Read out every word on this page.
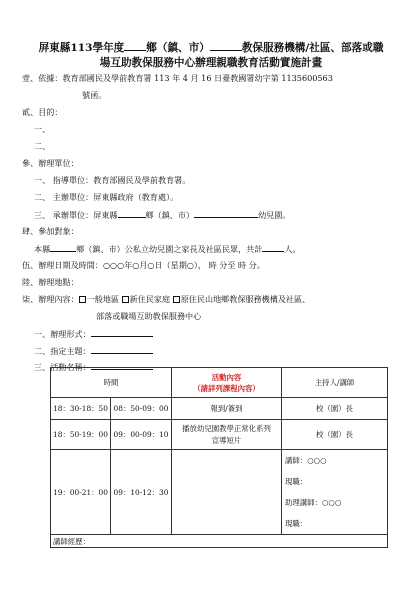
屏東縣113學年度 鄉（鎮、市）	教保服務機構/社區、部落或職
場互助教保服務中心辦理親職教育活動實施計畫
壹、依據：教育部國民及學前教育署 113 年 4 月 16 日臺教國署幼字第 1135600563
號函。
貳、目的：
一、
二、
參、辦理單位：
一、 指導單位：教育部國民及學前教育署。
二、 主辦單位：屏東縣政府（教育處）。
三、 承辦單位：屏東縣	鄉（鎮、市）	幼兒園。
肆、參加對象：
本縣	鄉（鎮、市）公私立幼兒園之家長及社區民眾，共計	人。
伍、辦理日期及時間：○○○年○月○日（星期○）， 時 分至 時 分。
陸、辦理地點：
柒、辦理內容： 一般地區 新住民家庭 原住民山地鄉教保服務機構及社區、
部落或職場互助教保服務中心
一、辦理形式：
二、指定主題：
三、活動名稱：
時間		活動內容
（請詳列課程內容）	主持人/講師
18：30-18：50	08：50-09：00	報到/簽到	校（園）長
18：50-19：00	09：00-09：10	播放幼兒園教學正常化系列
宣導短片	校（園）長
19：00-21：00	09：10-12：30		講師：○○○
現職：
助理講師：○○○
現職：

講師經歷：			
